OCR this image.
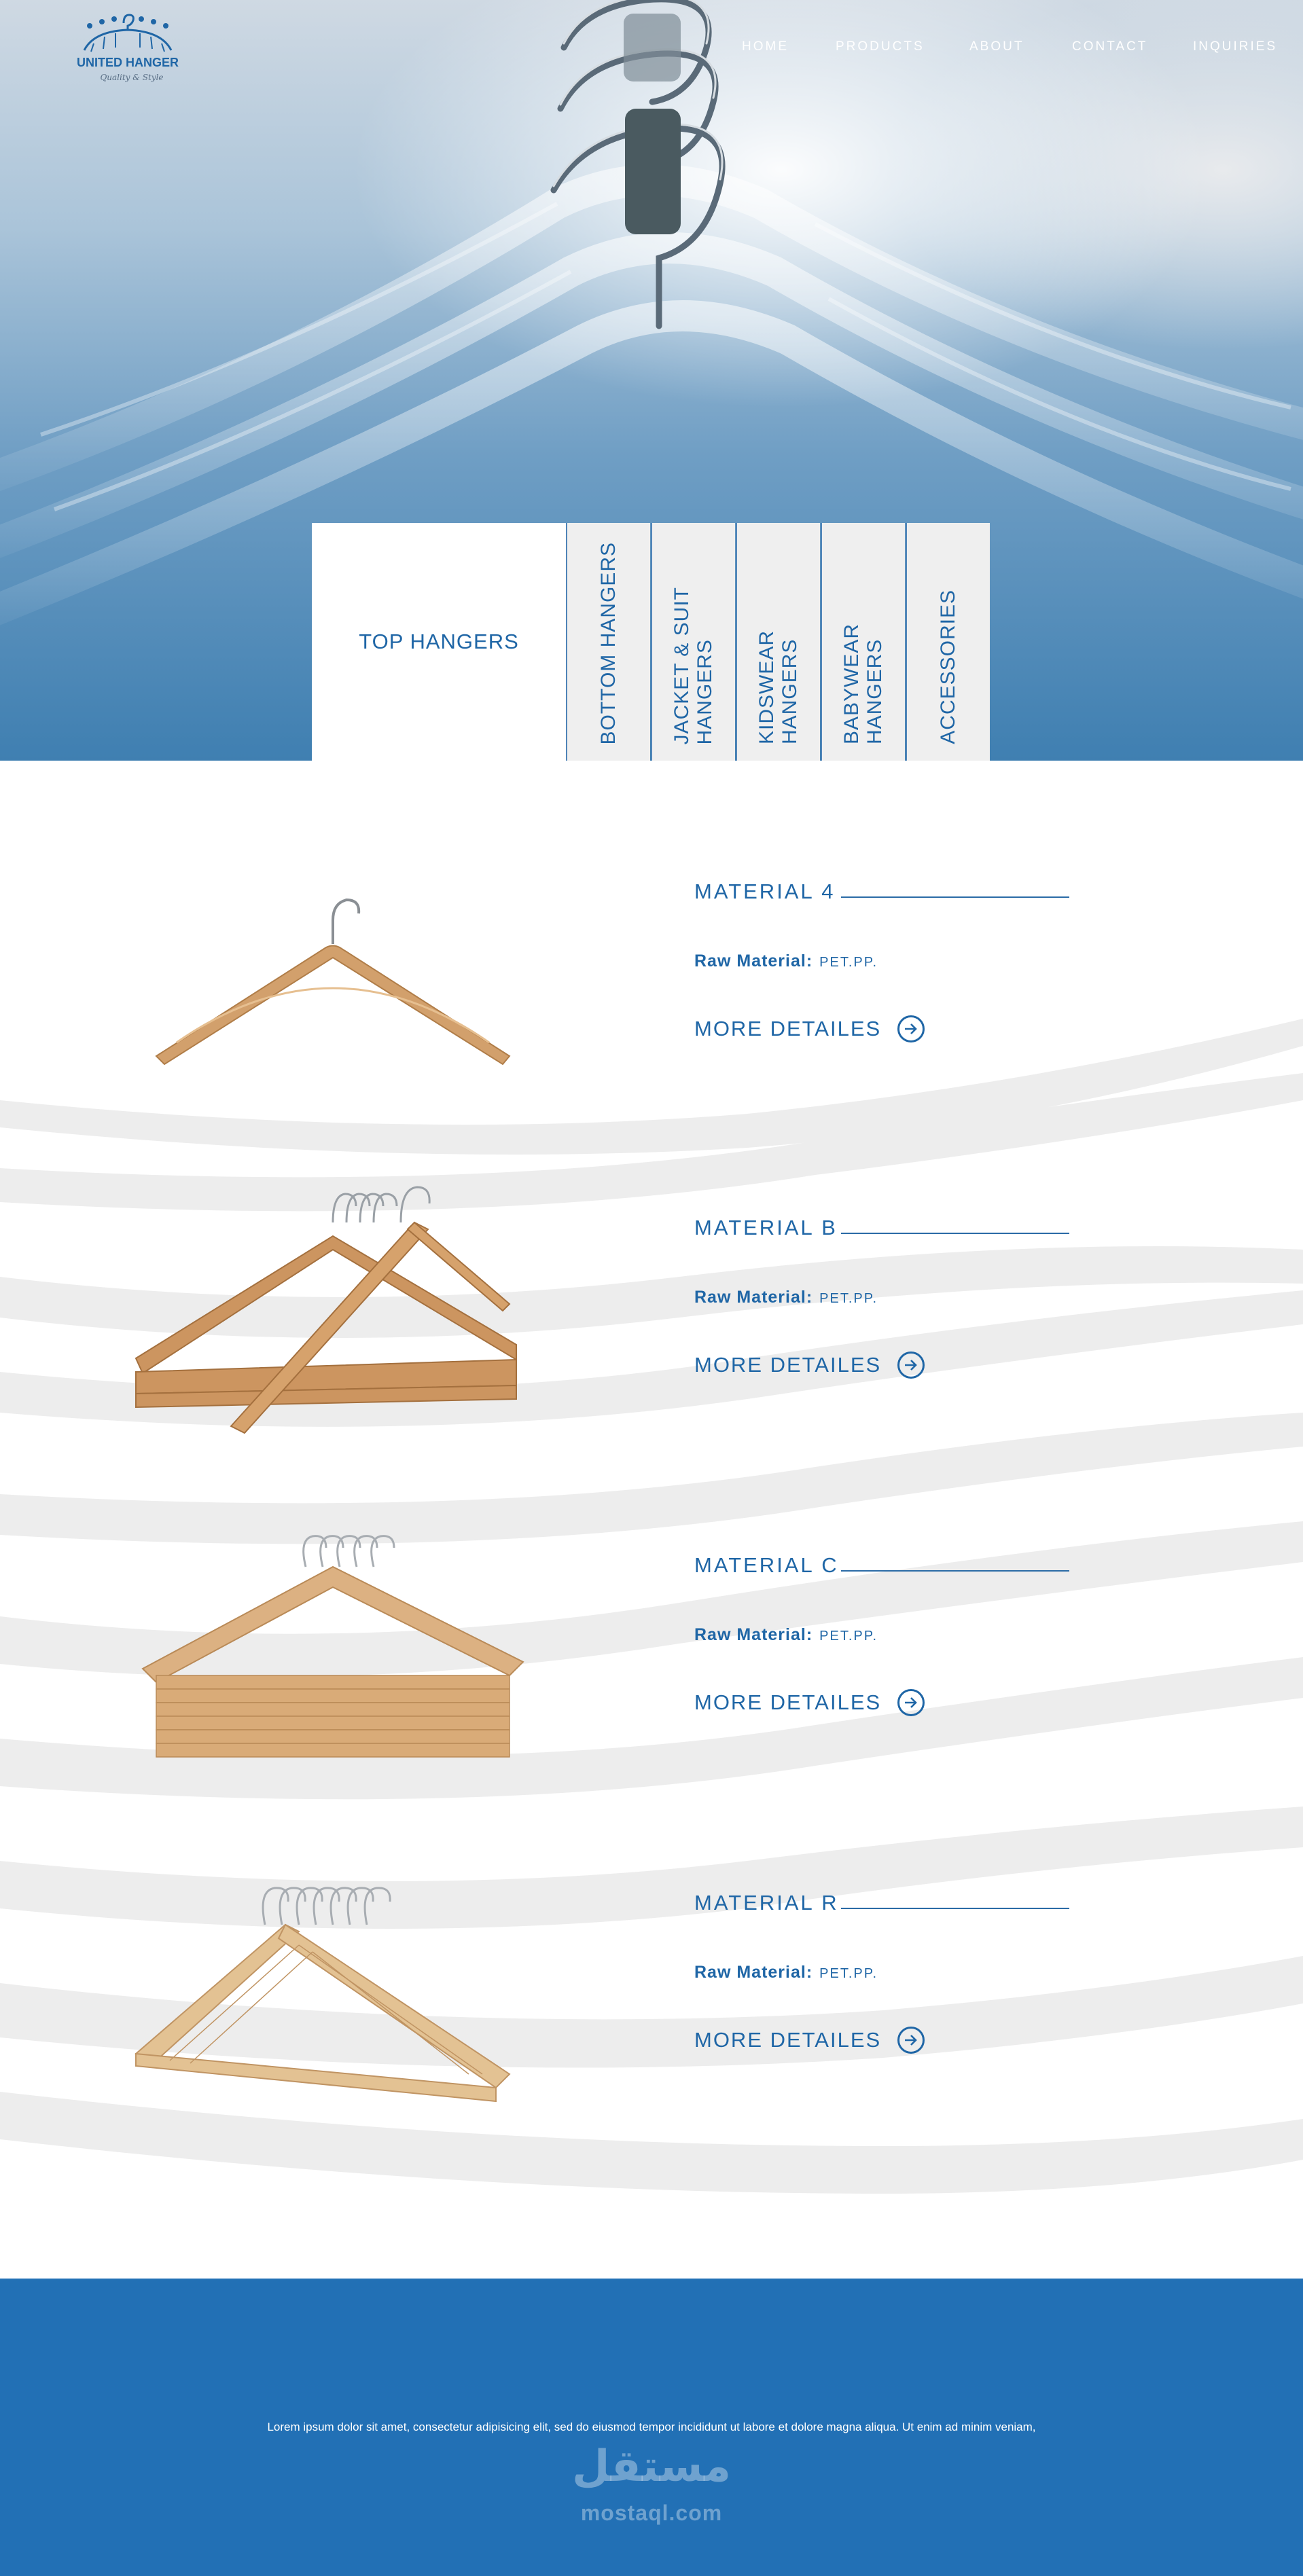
UNITED HANGER
Quality & Style
HOME	PRODUCTS	ABOUT	CONTACT	INQUIRIES
TOP HANGERS	BOTTOM HANGERS	JACKET & SUIT HANGERS KIDSWEAR HANGERS BABYWEAR HANGERS	ACCESSORIES
MATERIAL 4
Raw Material: PET.PP.
MORE DETAILES
MATERIAL B
Raw Material: PET.PP.
MORE DETAILES
MATERIAL C
Raw Material: PET.PP.
MORE DETAILES
MATERIAL R
Raw Material: PET.PP.
MORE DETAILES
Lorem ipsum dolor sit amet, consectetur adipisicing elit, sed do eiusmod tempor incididunt ut labore et dolore magna aliqua. Ut enim ad minim veniam,
مستقل
mostaql.com
